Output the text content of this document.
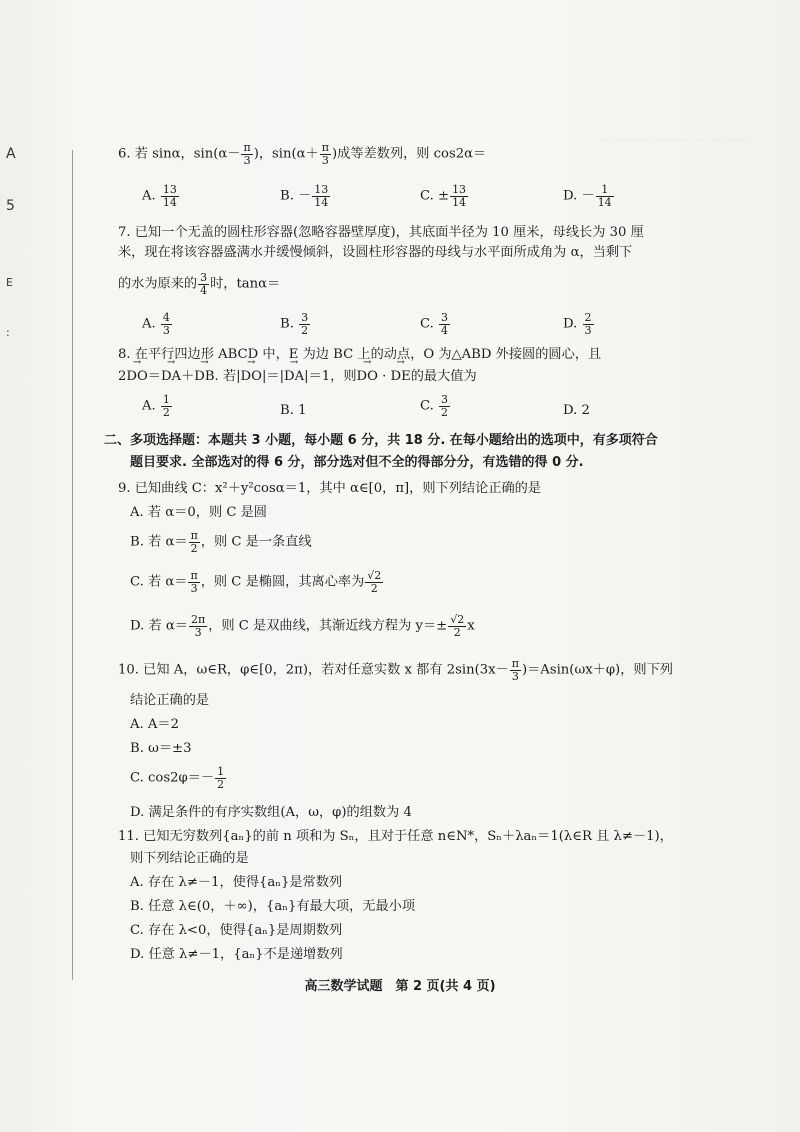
A
5
E
:
6. 若 sinα，$\sin(\alpha- \frac{\pi}{3}$ )，$\sin(\alpha+ \frac{\pi}{3}$ )成等差数列，则 cos2α＝
A. $\frac{13}{14}$	B. － $\frac{13}{14}$	C. ± $\frac{13}{14}$	D. － $\frac{1}{14}$
7. 已知一个无盖的圆柱形容器(忽略容器壁厚度)，其底面半径为 10 厘米，母线长为 30 厘
米，现在将该容器盛满水并缓慢倾斜，设圆柱形容器的母线与水平面所成角为 α，当剩下
的水为原来的 $\frac{3}{4}$ 时，tanα＝
A. $\frac{4}{3}$	B. $\frac{3}{2}$	C. $\frac{3}{4}$	D. $\frac{2}{3}$
8. 在平行四边形 ABCD 中，E 为边 BC 上的动点，O 为△ABD 外接圆的圆心，且
2→ DO＝→ DA＋→ DB. 若|→ DO|＝|→ DA|＝1，则→ DO · → DE的最大值为
A. $\frac{1}{2}$	B. 1	C. $\frac{3}{2}$	D. 2
二、多项选择题：本题共 3 小题，每小题 6 分，共 18 分. 在每小题给出的选项中，有多项符合
题目要求. 全部选对的得 6 分，部分选对但不全的得部分分，有选错的得 0 分.
9. 已知曲线 C：x²＋y²cosα＝1，其中 α∈[0，π]，则下列结论正确的是
A. 若 α＝0，则 C 是圆
B. 若 $\alpha= \frac{\pi}{2}$ ，则 C 是一条直线
C. 若 $\alpha= \frac{\pi}{3}$ ，则 C 是椭圆，其离心率为 $\frac{√2}{2}$
D. 若 $\alpha= \frac{2\pi}{3}$ ，则 C 是双曲线，其渐近线方程为 $y=\pm \frac{√2}{2}$ x
10. 已知 A，ω∈R，φ∈[0，2π)，若对任意实数 x 都有 $2\sin(3x- \frac{\pi}{3} )=Asin(\omega x+\varphi)$，则下列
结论正确的是
A. A＝2
B. ω＝±3
C. $\cos 2\varphi=- \frac{1}{2}$
D. 满足条件的有序实数组(A，ω，φ)的组数为 4
11. 已知无穷数列{aₙ}的前 n 项和为 Sₙ，且对于任意 n∈N*，Sₙ＋λaₙ＝1(λ∈R 且 λ≠－1)，
则下列结论正确的是
A. 存在 λ≠－1，使得{aₙ}是常数列
B. 任意 λ∈(0，＋∞)，{aₙ}有最大项，无最小项
C. 存在 λ<0，使得{aₙ}是周期数列
D. 任意 λ≠－1，{aₙ}不是递增数列
高三数学试题　第 2 页(共 4 页)
